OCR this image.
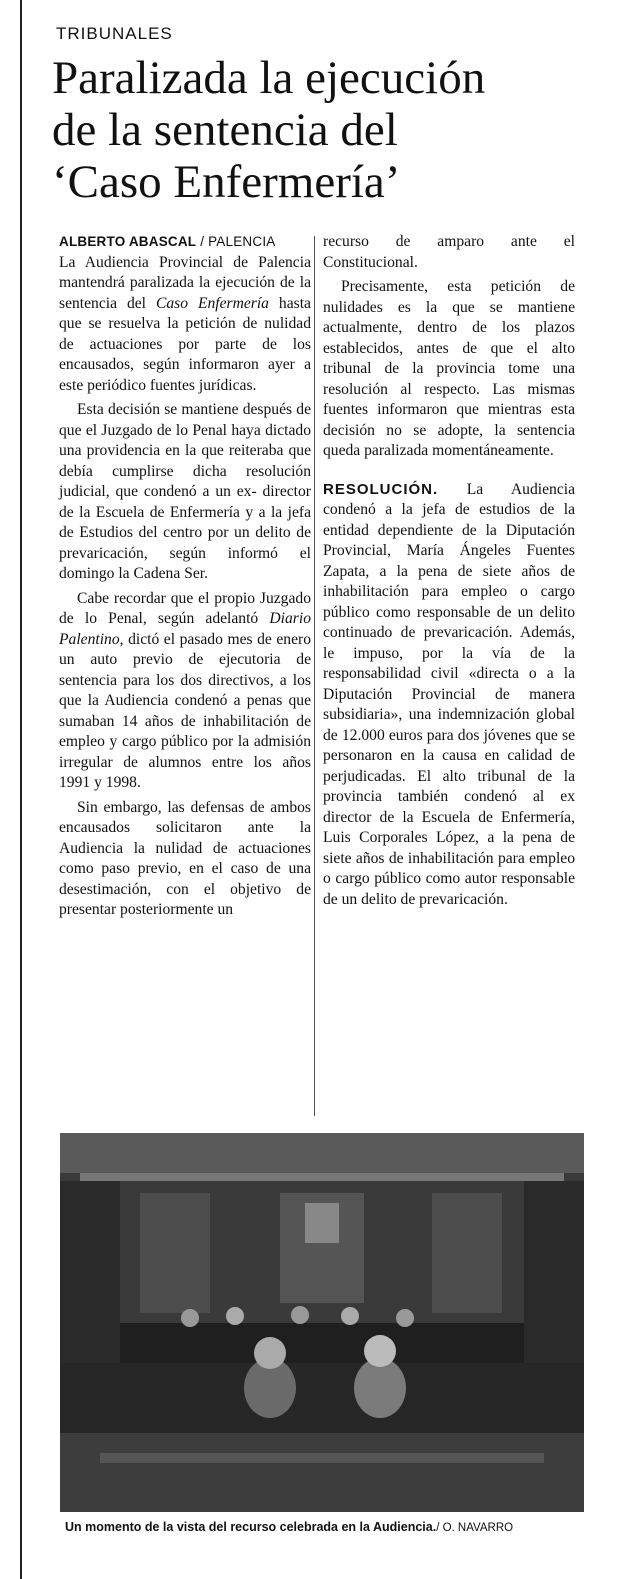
TRIBUNALES
Paralizada la ejecución
de la sentencia del
‘Caso Enfermería’
ALBERTO ABASCAL / PALENCIA

La Audiencia Provincial de Palencia mantendrá paralizada la ejecución de la sentencia del Caso Enfermería hasta que se resuelva la petición de nulidad de actuaciones por parte de los encausados, según informaron ayer a este periódico fuentes jurídicas.

Esta decisión se mantiene después de que el Juzgado de lo Penal haya dictado una providencia en la que reiteraba que debía cumplirse dicha resolución judicial, que condenó a un ex- director de la Escuela de Enfermería y a la jefa de Estudios del centro por un delito de prevaricación, según informó el domingo la Cadena Ser.

Cabe recordar que el propio Juzgado de lo Penal, según adelantó Diario Palentino, dictó el pasado mes de enero un auto previo de ejecutoria de sentencia para los dos directivos, a los que la Audiencia condenó a penas que sumaban 14 años de inhabilitación de empleo y cargo público por la admisión irregular de alumnos entre los años 1991 y 1998.

Sin embargo, las defensas de ambos encausados solicitaron ante la Audiencia la nulidad de actuaciones como paso previo, en el caso de una desestimación, con el objetivo de presentar posteriormente un

recurso de amparo ante el Constitucional.

Precisamente, esta petición de nulidades es la que se mantiene actualmente, dentro de los plazos establecidos, antes de que el alto tribunal de la provincia tome una resolución al respecto. Las mismas fuentes informaron que mientras esta decisión no se adopte, la sentencia queda paralizada momentáneamente.

RESOLUCIÓN. La Audiencia condenó a la jefa de estudios de la entidad dependiente de la Diputación Provincial, María Ángeles Fuentes Zapata, a la pena de siete años de inhabilitación para empleo o cargo público como responsable de un delito continuado de prevaricación. Además, le impuso, por la vía de la responsabilidad civil «directa o a la Diputación Provincial de manera subsidiaria», una indemnización global de 12.000 euros para dos jóvenes que se personaron en la causa en calidad de perjudicadas. El alto tribunal de la provincia también condenó al ex director de la Escuela de Enfermería, Luis Corporales López, a la pena de siete años de inhabilitación para empleo o cargo público como autor responsable de un delito de prevaricación.

Un momento de la vista del recurso celebrada en la Audiencia./ O. NAVARRO
